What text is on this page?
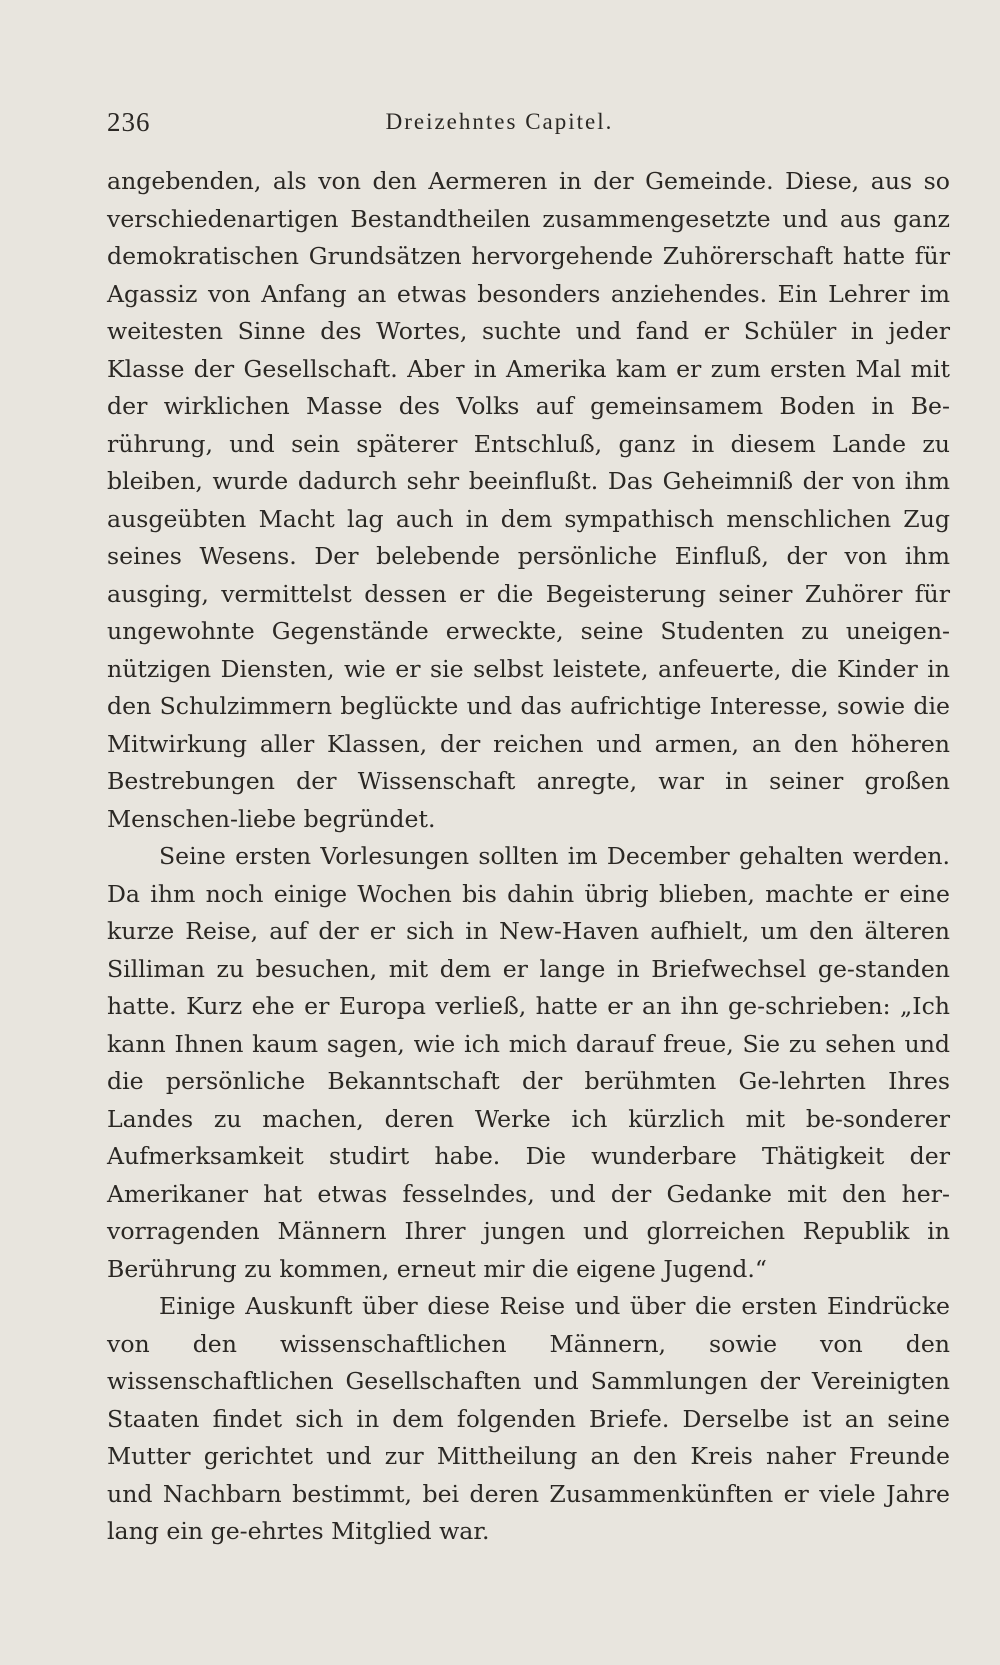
236	Dreizehntes Capitel.

angebenden, als von den Aermeren in der Gemeinde. Diese, aus so verschiedenartigen Bestandtheilen zusammengesetzte und aus ganz demokratischen Grundsätzen hervorgehende Zuhörerschaft hatte für Agassiz von Anfang an etwas besonders anziehendes. Ein Lehrer im weitesten Sinne des Wortes, suchte und fand er Schüler in jeder Klasse der Gesellschaft. Aber in Amerika kam er zum ersten Mal mit der wirklichen Masse des Volks auf gemeinsamem Boden in Be-rührung, und sein späterer Entschluß, ganz in diesem Lande zu bleiben, wurde dadurch sehr beeinflußt. Das Geheimniß der von ihm ausgeübten Macht lag auch in dem sympathisch menschlichen Zug seines Wesens. Der belebende persönliche Einfluß, der von ihm ausging, vermittelst dessen er die Begeisterung seiner Zuhörer für ungewohnte Gegenstände erweckte, seine Studenten zu uneigen-nützigen Diensten, wie er sie selbst leistete, anfeuerte, die Kinder in den Schulzimmern beglückte und das aufrichtige Interesse, sowie die Mitwirkung aller Klassen, der reichen und armen, an den höheren Bestrebungen der Wissenschaft anregte, war in seiner großen Menschen-liebe begründet.

Seine ersten Vorlesungen sollten im December gehalten werden. Da ihm noch einige Wochen bis dahin übrig blieben, machte er eine kurze Reise, auf der er sich in New-Haven aufhielt, um den älteren Silliman zu besuchen, mit dem er lange in Briefwechsel ge-standen hatte. Kurz ehe er Europa verließ, hatte er an ihn ge-schrieben: „Ich kann Ihnen kaum sagen, wie ich mich darauf freue, Sie zu sehen und die persönliche Bekanntschaft der berühmten Ge-lehrten Ihres Landes zu machen, deren Werke ich kürzlich mit be-sonderer Aufmerksamkeit studirt habe. Die wunderbare Thätigkeit der Amerikaner hat etwas fesselndes, und der Gedanke mit den her-vorragenden Männern Ihrer jungen und glorreichen Republik in Berührung zu kommen, erneut mir die eigene Jugend.“

Einige Auskunft über diese Reise und über die ersten Eindrücke von den wissenschaftlichen Männern, sowie von den wissenschaftlichen Gesellschaften und Sammlungen der Vereinigten Staaten findet sich in dem folgenden Briefe. Derselbe ist an seine Mutter gerichtet und zur Mittheilung an den Kreis naher Freunde und Nachbarn bestimmt, bei deren Zusammenkünften er viele Jahre lang ein ge-ehrtes Mitglied war.
